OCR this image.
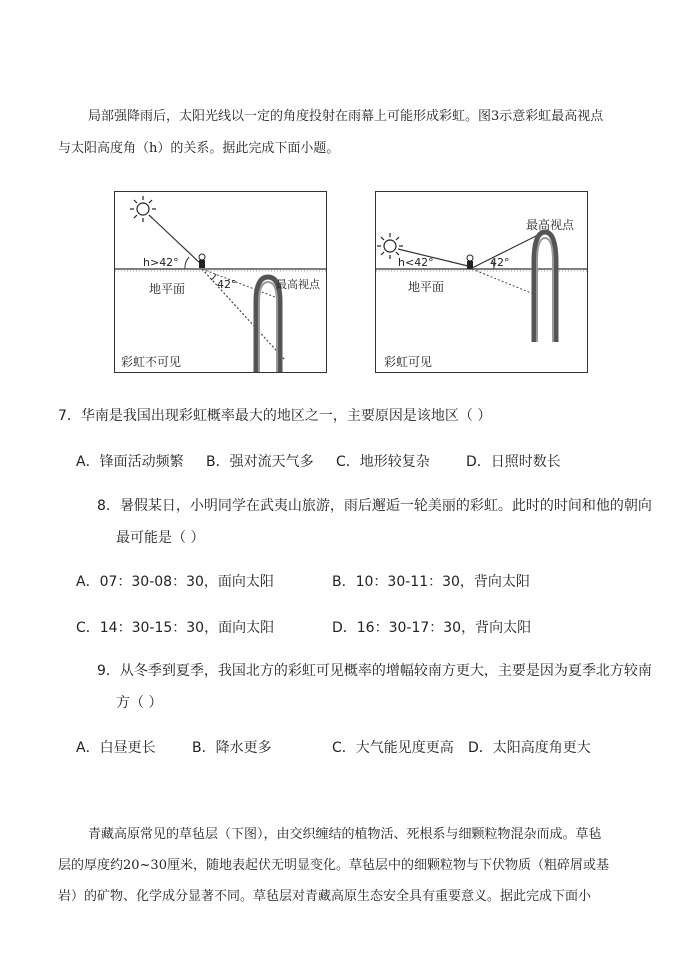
局部强降雨后，太阳光线以一定的角度投射在雨幕上可能形成彩虹。图3示意彩虹最高视点
与太阳高度角（h）的关系。据此完成下面小题。
h>42°
地平面	42°	最高视点
彩虹不可见
h<42°
地平面
42°
最高视点
彩虹可见
7．华南是我国出现彩虹概率最大的地区之一，主要原因是该地区（ ）
A．锋面活动频繁 B．强对流天气多 C．地形较复杂	D．日照时数长
8．暑假某日，小明同学在武夷山旅游，雨后邂逅一轮美丽的彩虹。此时的时间和他的朝向
最可能是（ ）
A．07：30-08：30，面向太阳	B．10：30-11：30，背向太阳
C．14：30-15：30，面向太阳	D．16：30-17：30，背向太阳
9．从冬季到夏季，我国北方的彩虹可见概率的增幅较南方更大，主要是因为夏季北方较南
方（ ）
A．白昼更长	B．降水更多	C．大气能见度更高 D．太阳高度角更大
青藏高原常见的草毡层（下图），由交织缠结的植物活、死根系与细颗粒物混杂而成。草毡
层的厚度约20~30厘米，随地表起伏无明显变化。草毡层中的细颗粒物与下伏物质（粗碎屑或基
岩）的矿物、化学成分显著不同。草毡层对青藏高原生态安全具有重要意义。据此完成下面小
